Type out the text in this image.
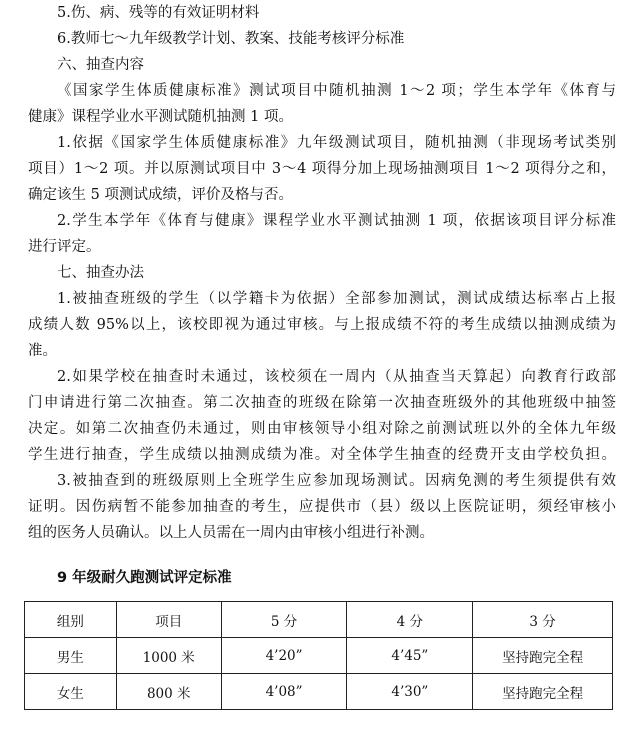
5.伤、病、残等的有效证明材料
6.教师七～九年级教学计划、教案、技能考核评分标准
六、抽查内容
《国家学生体质健康标准》测试项目中随机抽测 1～2 项；学生本学年《体育与
健康》课程学业水平测试随机抽测 1 项。
1.依据《国家学生体质健康标准》九年级测试项目，随机抽测（非现场考试类别
项目）1～2 项。并以原测试项目中 3～4 项得分加上现场抽测项目 1～2 项得分之和，
确定该生 5 项测试成绩，评价及格与否。
2.学生本学年《体育与健康》课程学业水平测试抽测 1 项，依据该项目评分标准
进行评定。
七、抽查办法
1.被抽查班级的学生（以学籍卡为依据）全部参加测试，测试成绩达标率占上报
成绩人数 95%以上，该校即视为通过审核。与上报成绩不符的考生成绩以抽测成绩为
准。
2.如果学校在抽查时未通过，该校须在一周内（从抽查当天算起）向教育行政部
门申请进行第二次抽查。第二次抽查的班级在除第一次抽查班级外的其他班级中抽签
决定。如第二次抽查仍未通过，则由审核领导小组对除之前测试班以外的全体九年级
学生进行抽查，学生成绩以抽测成绩为准。对全体学生抽查的经费开支由学校负担。
3.被抽查到的班级原则上全班学生应参加现场测试。因病免测的考生须提供有效
证明。因伤病暂不能参加抽查的考生，应提供市（县）级以上医院证明，须经审核小
组的医务人员确认。以上人员需在一周内由审核小组进行补测。
9 年级耐久跑测试评定标准
组别	项目	5 分	4 分	3 分
男生	1000 米	4’20”	4’45”	坚持跑完全程
女生	800 米	4’08”	4’30”	坚持跑完全程
